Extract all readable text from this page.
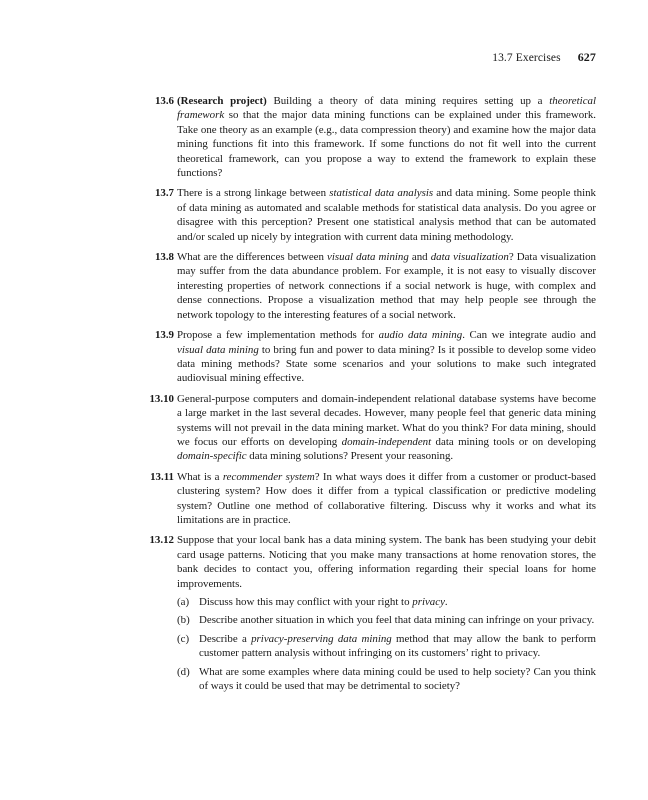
13.7 Exercises 627
13.6 (Research project) Building a theory of data mining requires setting up a theoretical framework so that the major data mining functions can be explained under this framework. Take one theory as an example (e.g., data compression theory) and examine how the major data mining functions fit into this framework. If some functions do not fit well into the current theoretical framework, can you propose a way to extend the framework to explain these functions?
13.7 There is a strong linkage between statistical data analysis and data mining. Some people think of data mining as automated and scalable methods for statistical data analysis. Do you agree or disagree with this perception? Present one statistical analysis method that can be automated and/or scaled up nicely by integration with current data mining methodology.
13.8 What are the differences between visual data mining and data visualization? Data visualization may suffer from the data abundance problem. For example, it is not easy to visually discover interesting properties of network connections if a social network is huge, with complex and dense connections. Propose a visualization method that may help people see through the network topology to the interesting features of a social network.
13.9 Propose a few implementation methods for audio data mining. Can we integrate audio and visual data mining to bring fun and power to data mining? Is it possible to develop some video data mining methods? State some scenarios and your solutions to make such integrated audiovisual mining effective.
13.10 General-purpose computers and domain-independent relational database systems have become a large market in the last several decades. However, many people feel that generic data mining systems will not prevail in the data mining market. What do you think? For data mining, should we focus our efforts on developing domain-independent data mining tools or on developing domain-specific data mining solutions? Present your reasoning.
13.11 What is a recommender system? In what ways does it differ from a customer or product-based clustering system? How does it differ from a typical classification or predictive modeling system? Outline one method of collaborative filtering. Discuss why it works and what its limitations are in practice.
13.12 Suppose that your local bank has a data mining system. The bank has been studying your debit card usage patterns. Noticing that you make many transactions at home renovation stores, the bank decides to contact you, offering information regarding their special loans for home improvements.
(a) Discuss how this may conflict with your right to privacy.
(b) Describe another situation in which you feel that data mining can infringe on your privacy.
(c) Describe a privacy-preserving data mining method that may allow the bank to perform customer pattern analysis without infringing on its customers’ right to privacy.
(d) What are some examples where data mining could be used to help society? Can you think of ways it could be used that may be detrimental to society?
